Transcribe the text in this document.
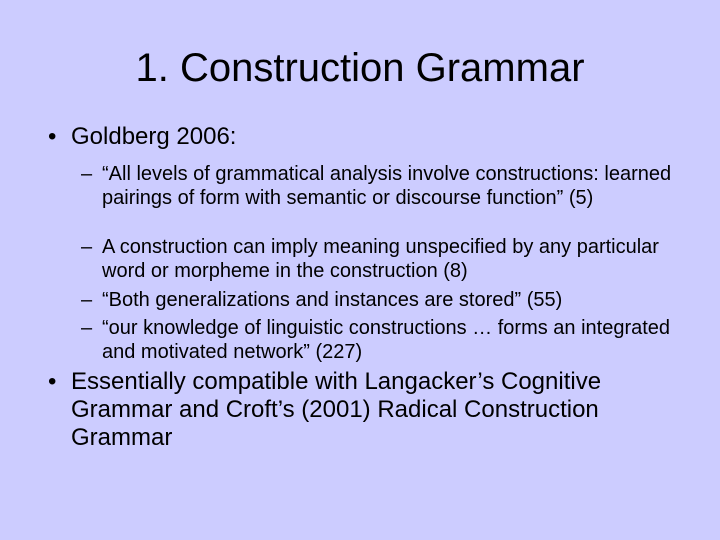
1. Construction Grammar
• Goldberg 2006:
– “All levels of grammatical analysis involve constructions: learned pairings of form with semantic or discourse function” (5)
– A construction can imply meaning unspecified by any particular word or morpheme in the construction (8)
– “Both generalizations and instances are stored” (55)
– “our knowledge of linguistic constructions … forms an integrated and motivated network” (227)
• Essentially compatible with Langacker’s Cognitive Grammar and Croft’s (2001) Radical Construction Grammar
